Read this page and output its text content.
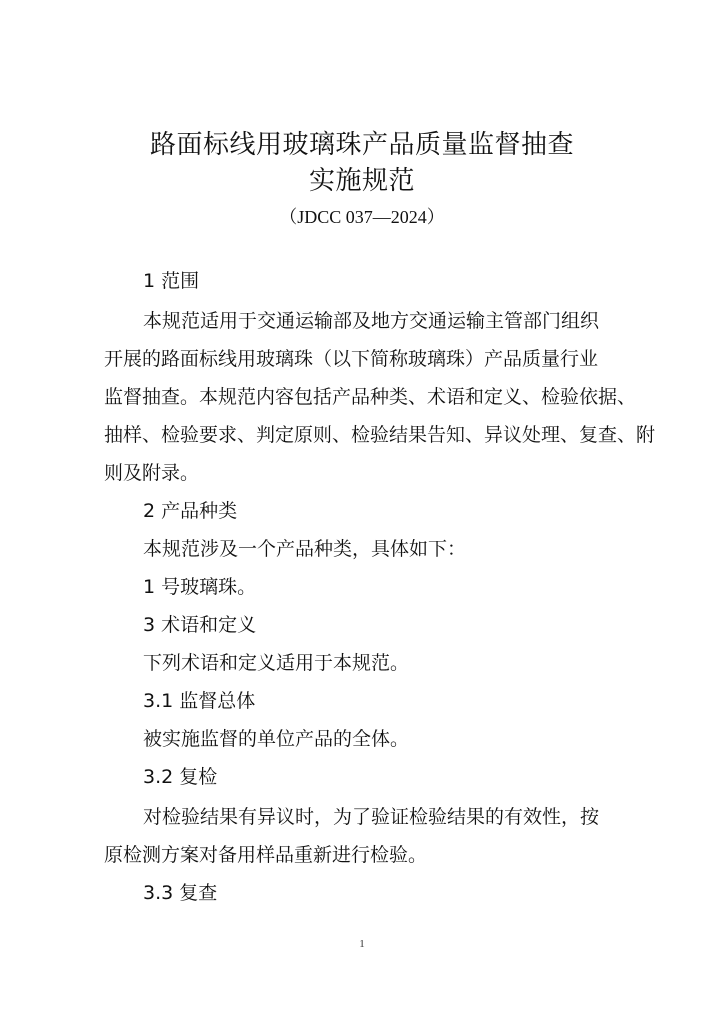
路面标线用玻璃珠产品质量监督抽查
实施规范
（JDCC 037—2024）
1 范围
本规范适用于交通运输部及地方交通运输主管部门组织
开展的路面标线用玻璃珠（以下简称玻璃珠）产品质量行业
监督抽查。本规范内容包括产品种类、术语和定义、检验依据、
抽样、检验要求、判定原则、检验结果告知、异议处理、复查、附
则及附录。
2 产品种类
本规范涉及一个产品种类，具体如下：
1 号玻璃珠。
3 术语和定义
下列术语和定义适用于本规范。
3.1 监督总体
被实施监督的单位产品的全体。
3.2 复检
对检验结果有异议时，为了验证检验结果的有效性，按
原检测方案对备用样品重新进行检验。
3.3 复查
1
